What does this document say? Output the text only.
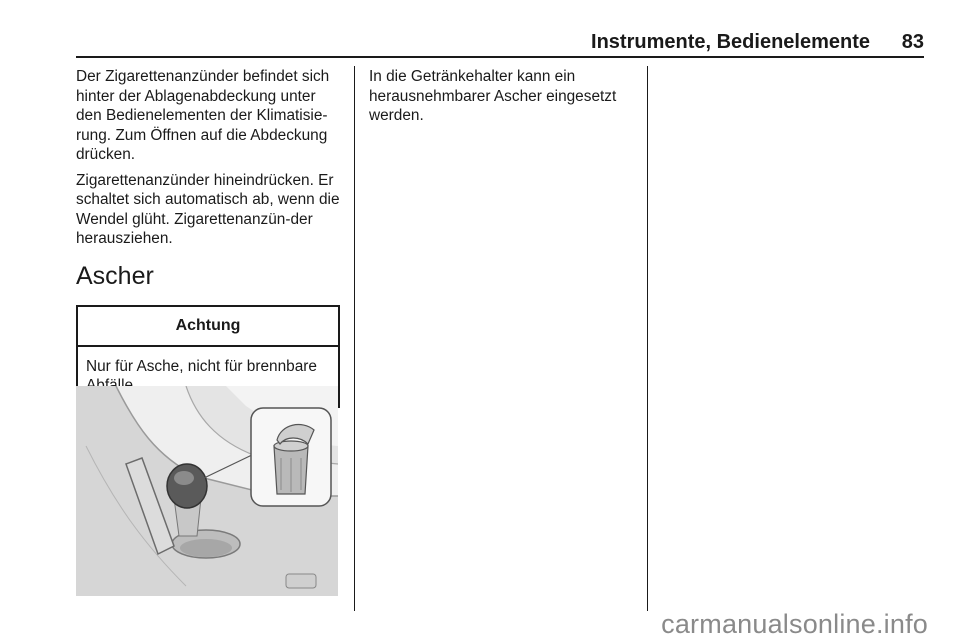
Instrumente, Bedienelemente 83

Der Zigarettenanzünder befindet sich hinter der Ablagenabdeckung unter den Bedienelementen der Klimatisie-rung. Zum Öffnen auf die Abdeckung drücken.

Zigarettenanzünder hineindrücken. Er schaltet sich automatisch ab, wenn die Wendel glüht. Zigarettenanzün-der herausziehen.

Ascher
Achtung
Nur für Asche, nicht für brennbare

In die Getränkehalter kann ein herausnehmbarer Ascher eingesetzt werden.

carmanualsonline.info
